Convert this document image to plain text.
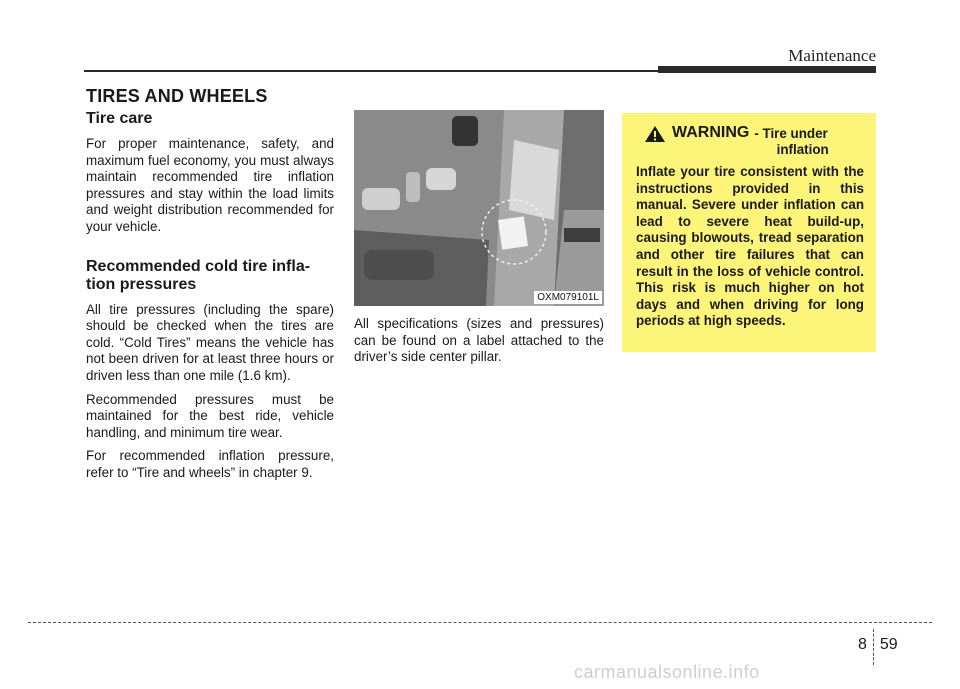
Maintenance
TIRES AND WHEELS
Tire care

For proper maintenance, safety, and maximum fuel economy, you must always maintain recommended tire inflation pressures and stay within the load limits and weight distribution recommended for your vehicle.

Recommended cold tire infla-
tion pressures

All tire pressures (including the spare) should be checked when the tires are cold. “Cold Tires” means the vehicle has not been driven for at least three hours or driven less than one mile (1.6 km).

Recommended pressures must be maintained for the best ride, vehicle handling, and minimum tire wear.

For recommended inflation pressure, refer to “Tire and wheels” in chapter 9.

OXM079101L

All specifications (sizes and pressures) can be found on a label attached to the driver’s side center pillar.

WARNING - Tire under
inflation

Inflate your tire consistent with the instructions provided in this manual. Severe under inflation can lead to severe heat build-up, causing blowouts, tread separation and other tire failures that can result in the loss of vehicle control. This risk is much higher on hot days and when driving for long periods at high speeds.

8 59
carmanualsonline.info
